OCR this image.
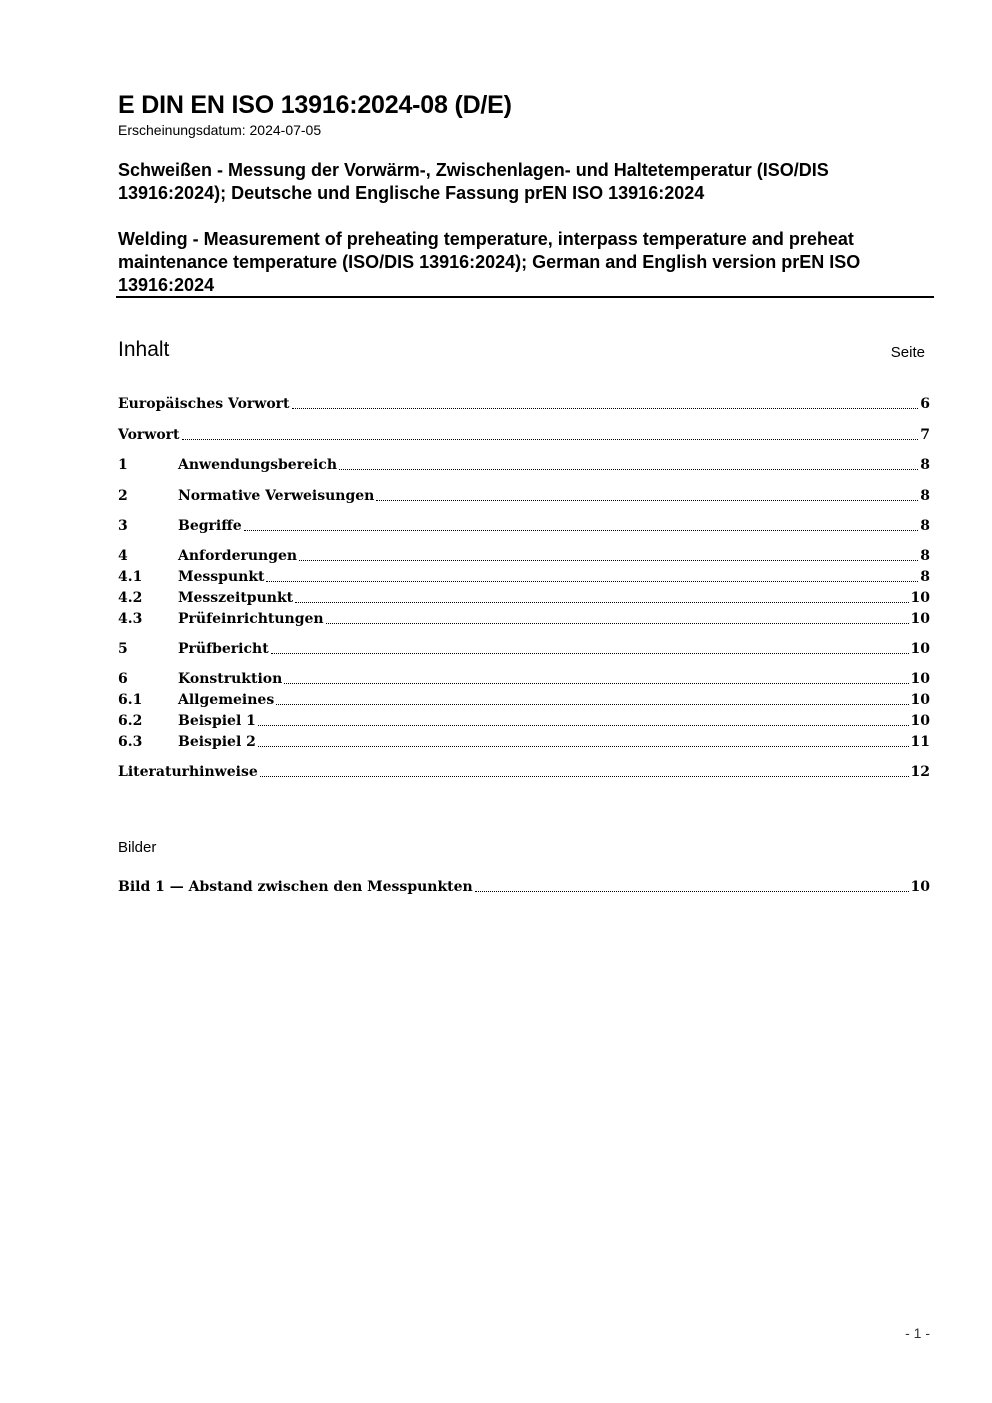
E DIN EN ISO 13916:2024-08 (D/E)
Erscheinungsdatum: 2024-07-05
Schweißen - Messung der Vorwärm-, Zwischenlagen- und Haltetemperatur (ISO/DIS 13916:2024); Deutsche und Englische Fassung prEN ISO 13916:2024
Welding - Measurement of preheating temperature, interpass temperature and preheat maintenance temperature (ISO/DIS 13916:2024); German and English version prEN ISO 13916:2024
Inhalt	Seite
Europäisches Vorwort	6
Vorwort	7
1	Anwendungsbereich	8
2	Normative Verweisungen	8
3	Begriffe	8
4	Anforderungen	8
4.1	Messpunkt	8
4.2	Messzeitpunkt	10
4.3	Prüfeinrichtungen	10
5	Prüfbericht	10
6	Konstruktion	10
6.1	Allgemeines	10
6.2	Beispiel 1	10
6.3	Beispiel 2	11
Literaturhinweise	12
Bilder
Bild 1 — Abstand zwischen den Messpunkten	10
- 1 -
